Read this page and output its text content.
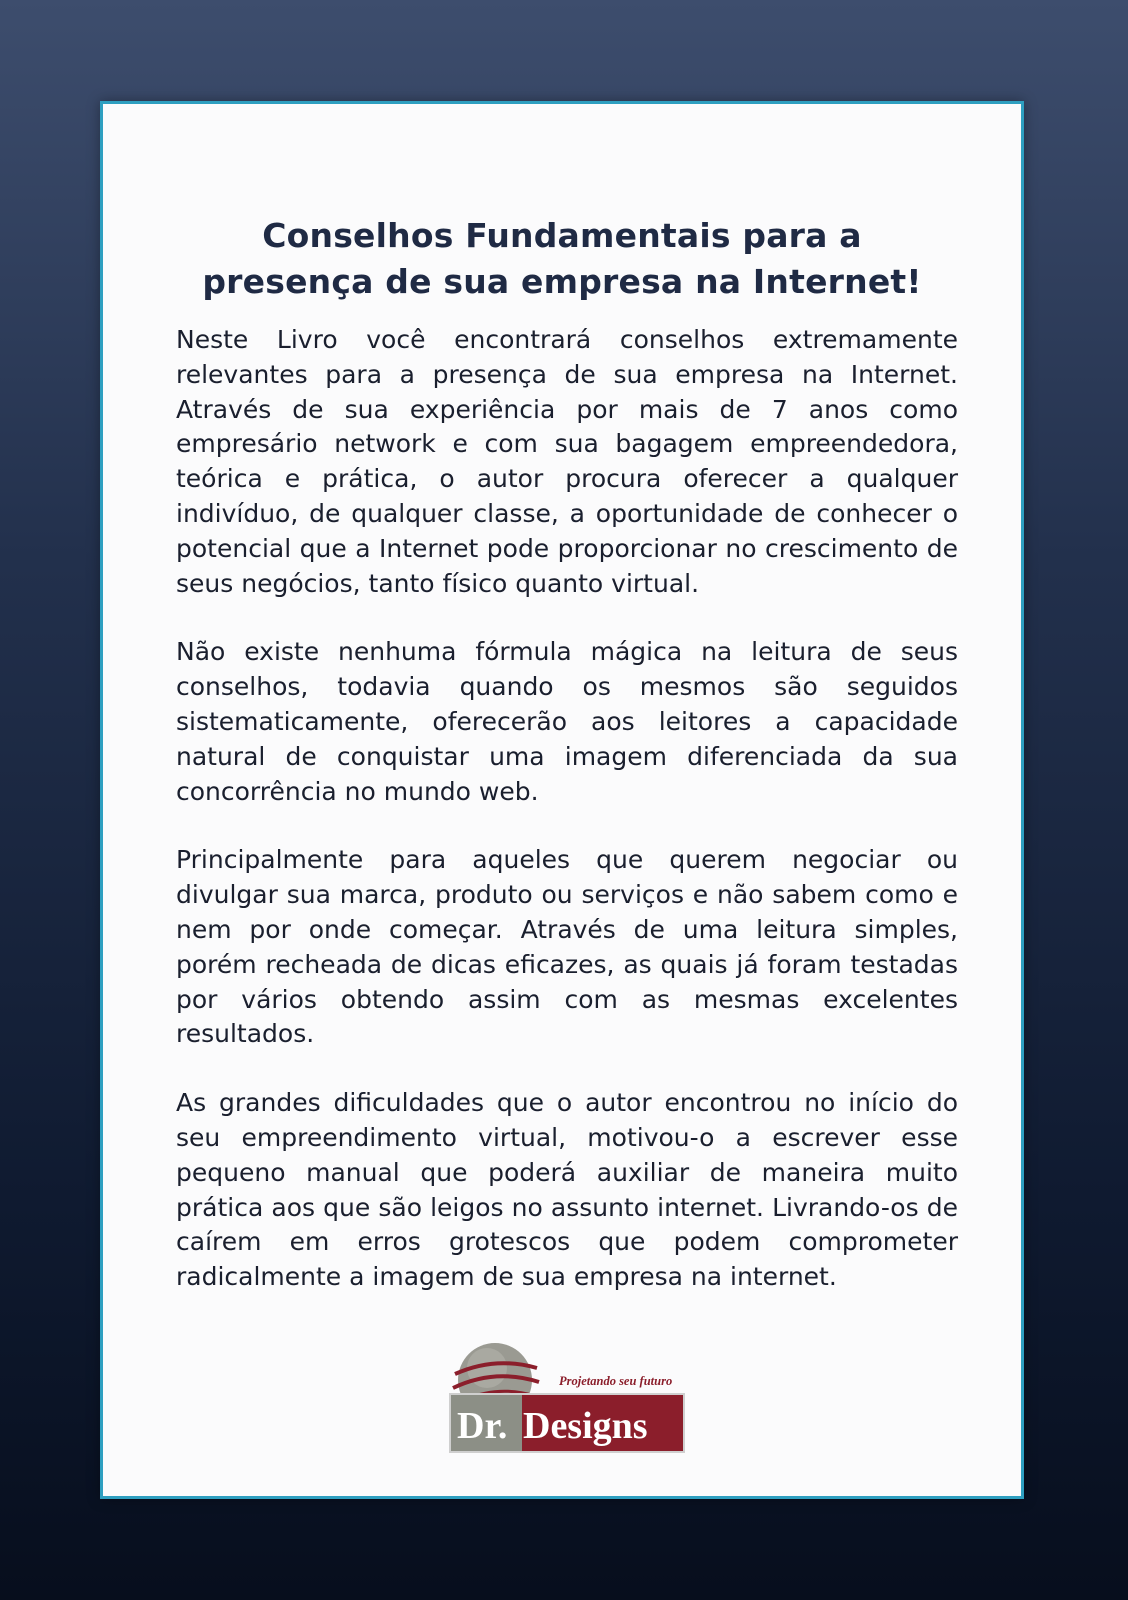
Conselhos Fundamentais para a
presença de sua empresa na Internet!

Neste Livro você encontrará conselhos extremamente relevantes para a presença de sua empresa na Internet. Através de sua experiência por mais de 7 anos como empresário network e com sua bagagem empreendedora, teórica e prática, o autor procura oferecer a qualquer indivíduo, de qualquer classe, a oportunidade de conhecer o potencial que a Internet pode proporcionar no crescimento de seus negócios, tanto físico quanto virtual.

Não existe nenhuma fórmula mágica na leitura de seus conselhos, todavia quando os mesmos são seguidos sistematicamente, oferecerão aos leitores a capacidade natural de conquistar uma imagem diferenciada da sua concorrência no mundo web.

Principalmente para aqueles que querem negociar ou divulgar sua marca, produto ou serviços e não sabem como e nem por onde começar. Através de uma leitura simples, porém recheada de dicas eficazes, as quais já foram testadas por vários obtendo assim com as mesmas excelentes resultados.

As grandes dificuldades que o autor encontrou no início do seu empreendimento virtual, motivou-o a escrever esse pequeno manual que poderá auxiliar de maneira muito prática aos que são leigos no assunto internet. Livrando-os de caírem em erros grotescos que podem comprometer radicalmente a imagem de sua empresa na internet.

Projetando seu futuro
Dr. Designs
